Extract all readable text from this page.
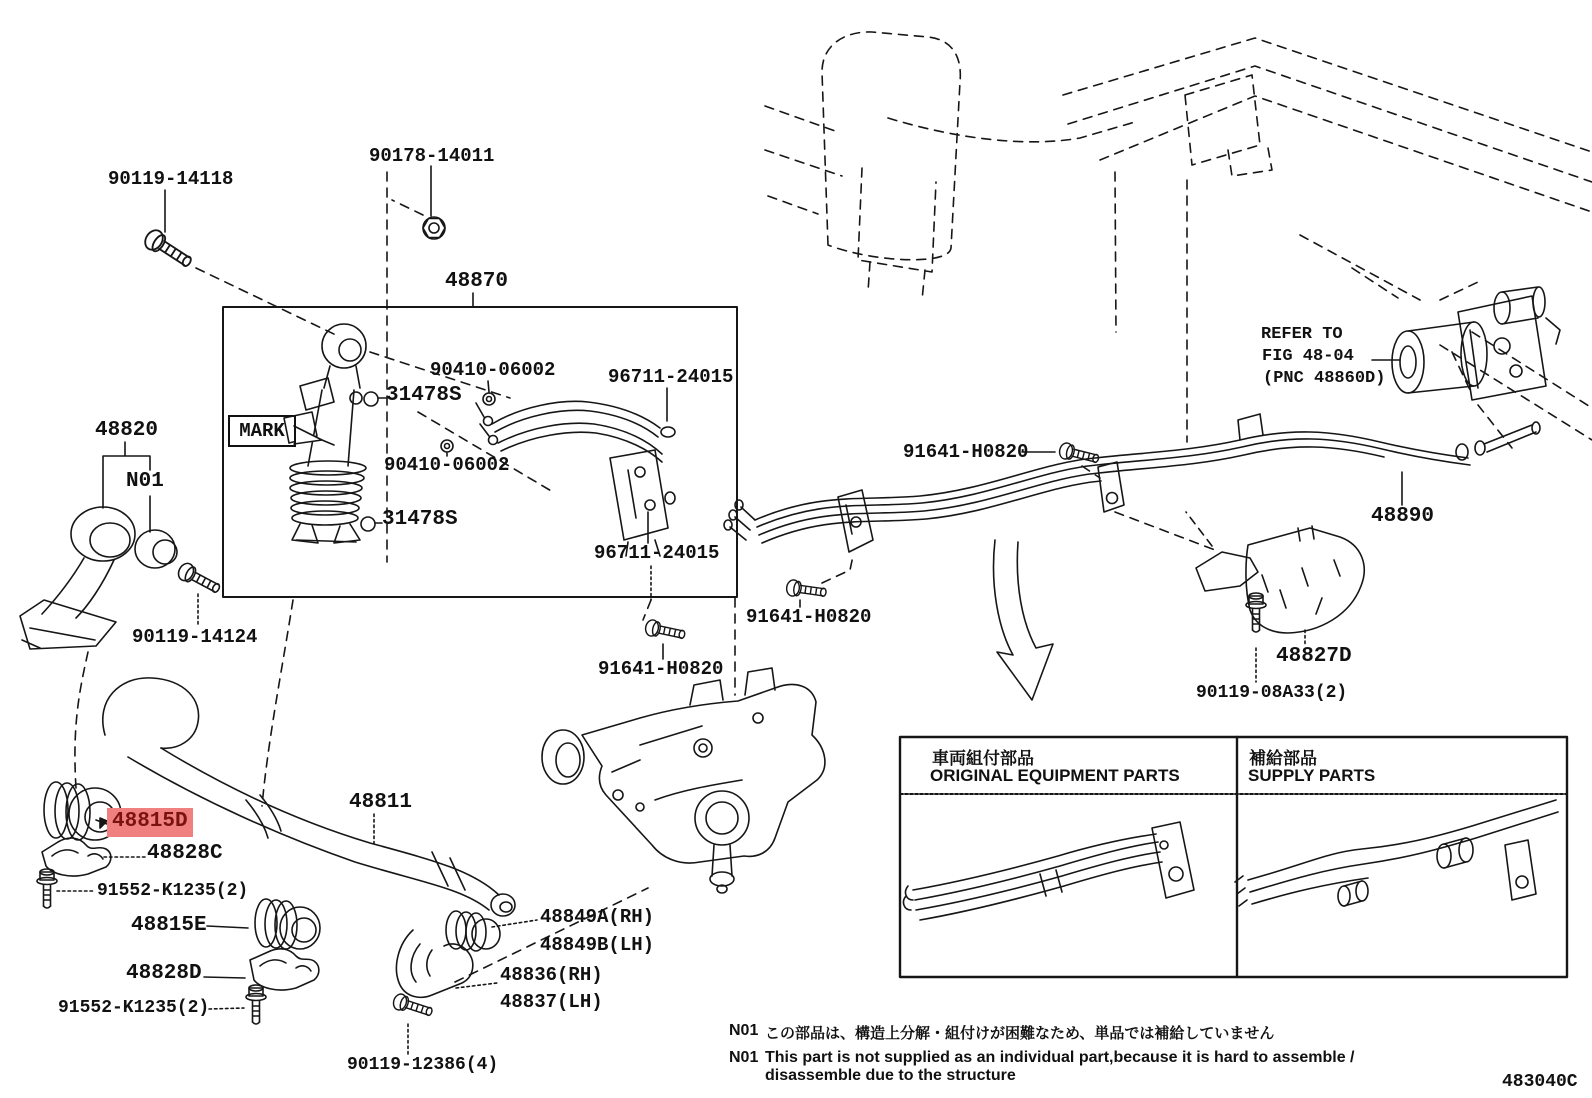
90119-14118
90178-14011
48870
MARK
31478S
90410-06002	96711-24015
90410-06002
31478S
96711-24015
91641-H0820
48820
N01
90119-14124
48815D
48828C
91552-K1235(2)
48815E
48828D
91552-K1235(2)
90119-12386(4)
48811
48849A(RH)
48849B(LH)
48836(RH)
48837(LH)
91641-H0820
91641-H0820
REFER TO
FIG 48-04
(PNC 48860D)
48890
48827D
90119-08A33(2)
車両組付部品
ORIGINAL EQUIPMENT PARTS
補給部品
SUPPLY PARTS
N01 この部品は、構造上分解・組付けが困難なため、単品では補給していません
N01 This part is not supplied as an individual part,because it is hard to assemble /
disassemble due to the structure	483040C
